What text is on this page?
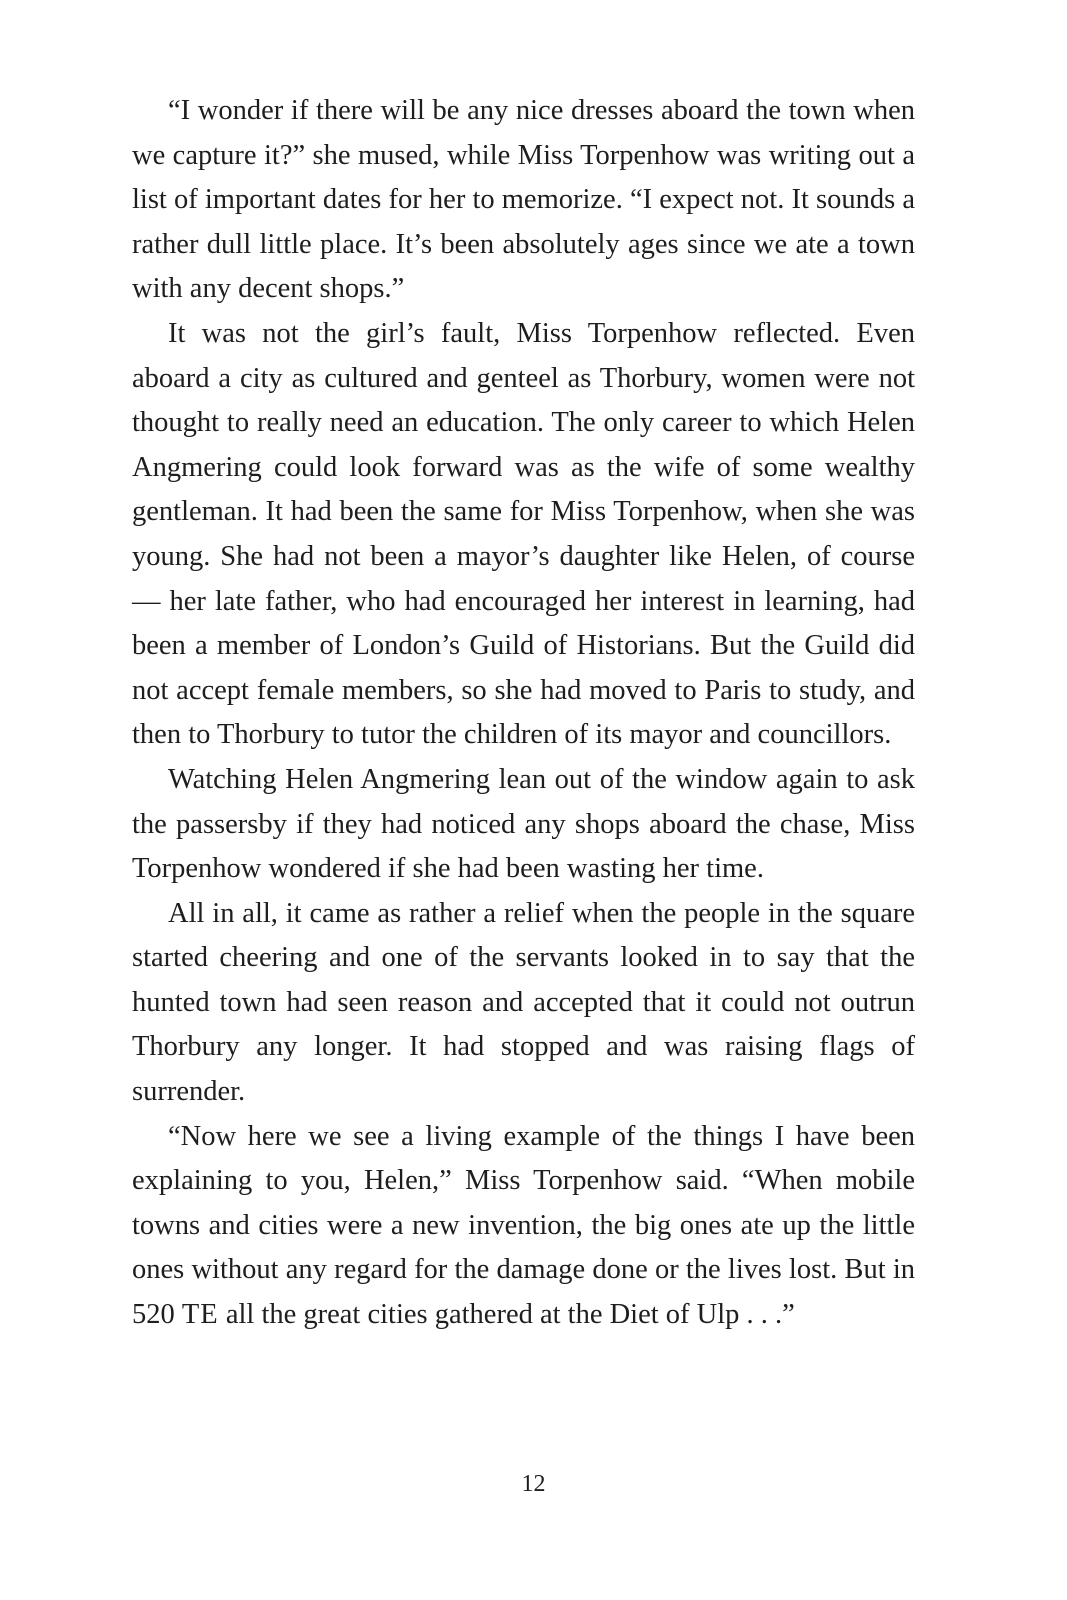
“I wonder if there will be any nice dresses aboard the town when we capture it?” she mused, while Miss Torpenhow was writing out a list of important dates for her to memorize. “I expect not. It sounds a rather dull little place. It’s been absolutely ages since we ate a town with any decent shops.”

It was not the girl’s fault, Miss Torpenhow reflected. Even aboard a city as cultured and genteel as Thorbury, women were not thought to really need an education. The only career to which Helen Angmering could look forward was as the wife of some wealthy gentleman. It had been the same for Miss Torpenhow, when she was young. She had not been a mayor’s daughter like Helen, of course — her late father, who had encouraged her interest in learning, had been a member of London’s Guild of Historians. But the Guild did not accept female members, so she had moved to Paris to study, and then to Thorbury to tutor the children of its mayor and councillors.

Watching Helen Angmering lean out of the window again to ask the passersby if they had noticed any shops aboard the chase, Miss Torpenhow wondered if she had been wasting her time.

All in all, it came as rather a relief when the people in the square started cheering and one of the servants looked in to say that the hunted town had seen reason and accepted that it could not outrun Thorbury any longer. It had stopped and was raising flags of surrender.

“Now here we see a living example of the things I have been explaining to you, Helen,” Miss Torpenhow said. “When mobile towns and cities were a new invention, the big ones ate up the little ones without any regard for the damage done or the lives lost. But in 520 TE all the great cities gathered at the Diet of Ulp . . .”

12
